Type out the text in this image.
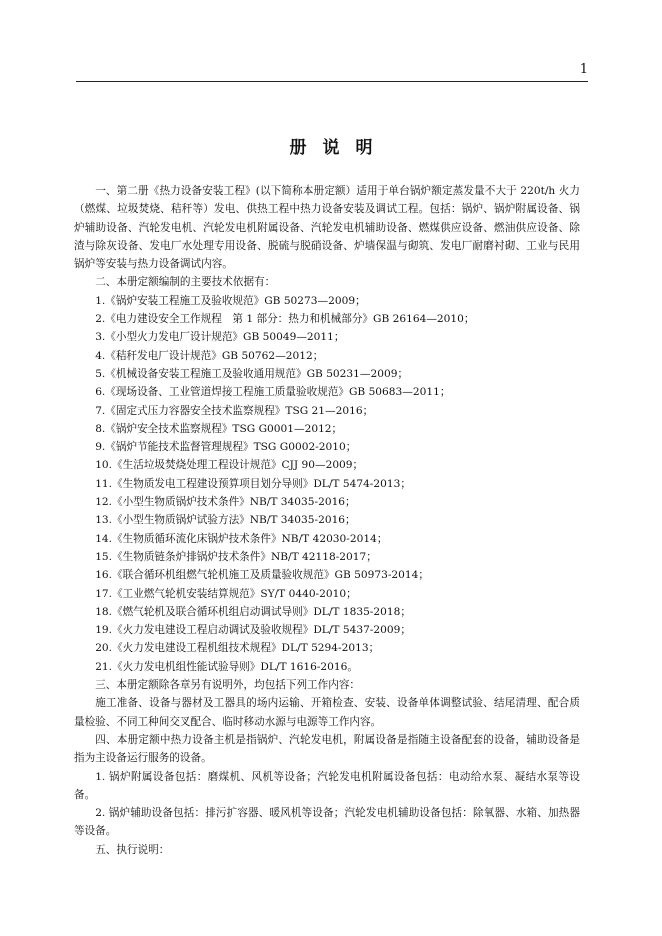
1
册说明

一、第二册《热力设备安装工程》(以下简称本册定额）适用于单台锅炉额定蒸发量不大于 220t/h 火力（燃煤、垃圾焚烧、秸秆等）发电、供热工程中热力设备安装及调试工程。包括：锅炉、锅炉附属设备、锅炉辅助设备、汽轮发电机、汽轮发电机附属设备、汽轮发电机辅助设备、燃煤供应设备、燃油供应设备、除渣与除灰设备、发电厂水处理专用设备、脱硫与脱硝设备、炉墙保温与砌筑、发电厂耐磨衬砌、工业与民用锅炉等安装与热力设备调试内容。

二、本册定额编制的主要技术依据有：

1.《锅炉安装工程施工及验收规范》GB 50273—2009；

2.《电力建设安全工作规程　第 1 部分：热力和机械部分》GB 26164—2010；

3.《小型火力发电厂设计规范》GB 50049—2011；

4.《秸秆发电厂设计规范》GB 50762—2012；

5.《机械设备安装工程施工及验收通用规范》GB 50231—2009；

6.《现场设备、工业管道焊接工程施工质量验收规范》GB 50683—2011；

7.《固定式压力容器安全技术监察规程》TSG 21—2016；

8.《锅炉安全技术监察规程》TSG G0001—2012；

9.《锅炉节能技术监督管理规程》TSG G0002-2010；

10.《生活垃圾焚烧处理工程设计规范》CJJ 90—2009；

11.《生物质发电工程建设预算项目划分导则》DL/T 5474-2013；

12.《小型生物质锅炉技术条件》NB/T 34035-2016；

13.《小型生物质锅炉试验方法》NB/T 34035-2016；

14.《生物质循环流化床锅炉技术条件》NB/T 42030-2014；

15.《生物质链条炉排锅炉技术条件》NB/T 42118-2017；

16.《联合循环机组燃气轮机施工及质量验收规范》GB 50973-2014；

17.《工业燃气轮机安装结算规范》SY/T 0440-2010；

18.《燃气轮机及联合循环机组启动调试导则》DL/T 1835-2018；

19.《火力发电建设工程启动调试及验收规程》DL/T 5437-2009；

20.《火力发电建设工程机组技术规程》DL/T 5294-2013；

21.《火力发电机组性能试验导则》DL/T 1616-2016。

三、本册定额除各章另有说明外，均包括下列工作内容：

施工准备、设备与器材及工器具的场内运输、开箱检查、安装、设备单体调整试验、结尾清理、配合质量检验、不同工种间交叉配合、临时移动水源与电源等工作内容。

四、本册定额中热力设备主机是指锅炉、汽轮发电机，附属设备是指随主设备配套的设备，辅助设备是指为主设备运行服务的设备。

1. 锅炉附属设备包括：磨煤机、风机等设备；汽轮发电机附属设备包括：电动给水泵、凝结水泵等设备。

2. 锅炉辅助设备包括：排污扩容器、暖风机等设备；汽轮发电机辅助设备包括：除氧器、水箱、加热器等设备。

五、执行说明：
